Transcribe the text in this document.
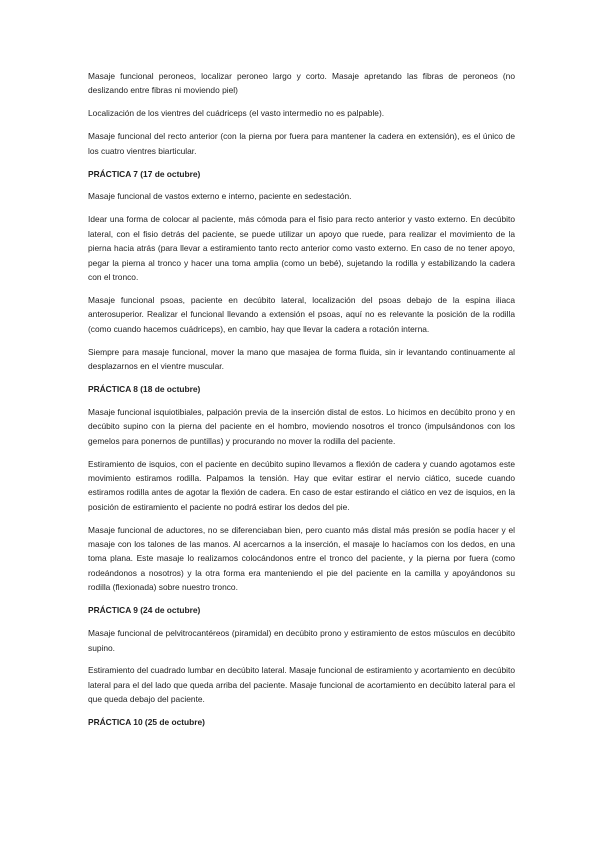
Masaje funcional peroneos, localizar peroneo largo y corto. Masaje apretando las fibras de peroneos (no deslizando entre fibras ni moviendo piel)

Localización de los vientres del cuádriceps (el vasto intermedio no es palpable).

Masaje funcional del recto anterior (con la pierna por fuera para mantener la cadera en extensión), es el único de los cuatro vientres biarticular.

PRÁCTICA 7 (17 de octubre)

Masaje funcional de vastos externo e interno, paciente en sedestación.

Idear una forma de colocar al paciente, más cómoda para el fisio para recto anterior y vasto externo. En decúbito lateral, con el fisio detrás del paciente, se puede utilizar un apoyo que ruede, para realizar el movimiento de la pierna hacia atrás (para llevar a estiramiento tanto recto anterior como vasto externo. En caso de no tener apoyo, pegar la pierna al tronco y hacer una toma amplia (como un bebé), sujetando la rodilla y estabilizando la cadera con el tronco.

Masaje funcional psoas, paciente en decúbito lateral, localización del psoas debajo de la espina iliaca anterosuperior. Realizar el funcional llevando a extensión el psoas, aquí no es relevante la posición de la rodilla (como cuando hacemos cuádriceps), en cambio, hay que llevar la cadera a rotación interna.

Siempre para masaje funcional, mover la mano que masajea de forma fluida, sin ir levantando continuamente al desplazarnos en el vientre muscular.

PRÁCTICA 8 (18 de octubre)

Masaje funcional isquiotibiales, palpación previa de la inserción distal de estos. Lo hicimos en decúbito prono y en decúbito supino con la pierna del paciente en el hombro, moviendo nosotros el tronco (impulsándonos con los gemelos para ponernos de puntillas) y procurando no mover la rodilla del paciente.

Estiramiento de isquios, con el paciente en decúbito supino llevamos a flexión de cadera y cuando agotamos este movimiento estiramos rodilla. Palpamos la tensión. Hay que evitar estirar el nervio ciático, sucede cuando estiramos rodilla antes de agotar la flexión de cadera. En caso de estar estirando el ciático en vez de isquios, en la posición de estiramiento el paciente no podrá estirar los dedos del pie.

Masaje funcional de aductores, no se diferenciaban bien, pero cuanto más distal más presión se podía hacer y el masaje con los talones de las manos. Al acercarnos a la inserción, el masaje lo hacíamos con los dedos, en una toma plana. Este masaje lo realizamos colocándonos entre el tronco del paciente, y la pierna por fuera (como rodeándonos a nosotros) y la otra forma era manteniendo el pie del paciente en la camilla y apoyándonos su rodilla (flexionada) sobre nuestro tronco.

PRÁCTICA 9 (24 de octubre)

Masaje funcional de pelvitrocantéreos (piramidal) en decúbito prono y estiramiento de estos músculos en decúbito supino.

Estiramiento del cuadrado lumbar en decúbito lateral. Masaje funcional de estiramiento y acortamiento en decúbito lateral para el del lado que queda arriba del paciente. Masaje funcional de acortamiento en decúbito lateral para el que queda debajo del paciente.

PRÁCTICA 10 (25 de octubre)
